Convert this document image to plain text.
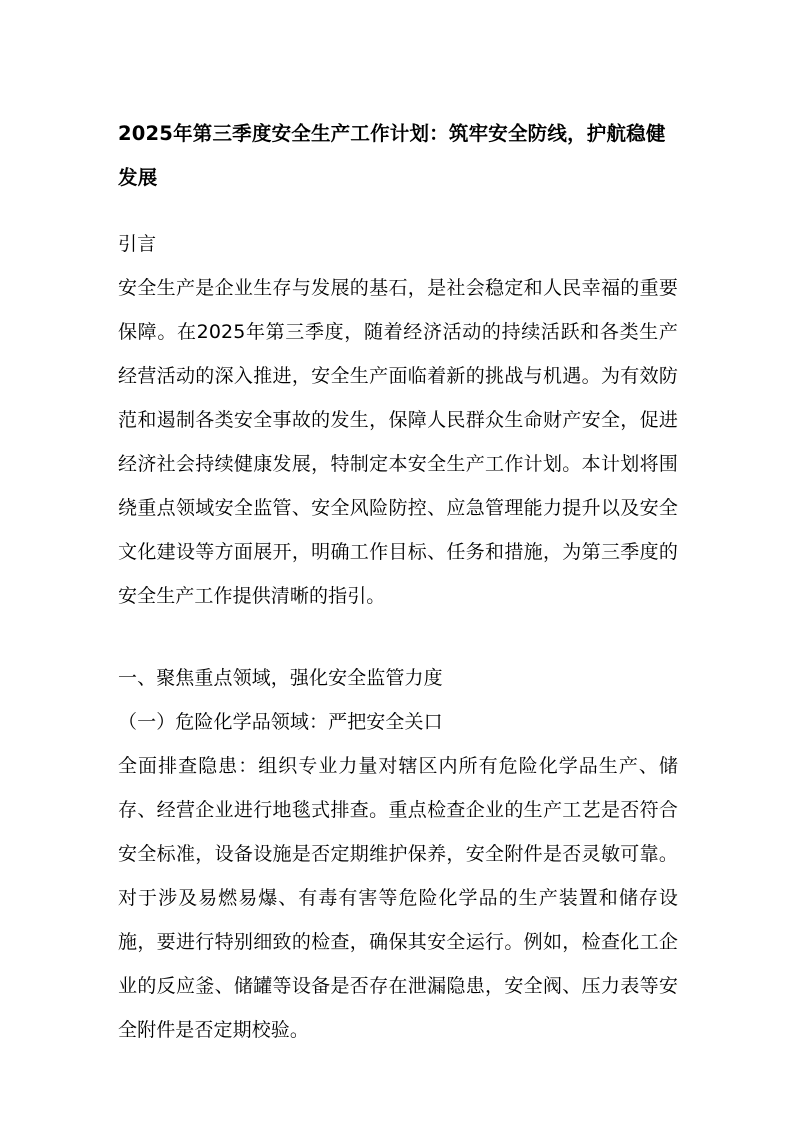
2025年第三季度安全生产工作计划：筑牢安全防线，护航稳健发展

引言

安全生产是企业生存与发展的基石，是社会稳定和人民幸福的重要保障。在2025年第三季度，随着经济活动的持续活跃和各类生产经营活动的深入推进，安全生产面临着新的挑战与机遇。为有效防范和遏制各类安全事故的发生，保障人民群众生命财产安全，促进经济社会持续健康发展，特制定本安全生产工作计划。本计划将围绕重点领域安全监管、安全风险防控、应急管理能力提升以及安全文化建设等方面展开，明确工作目标、任务和措施，为第三季度的安全生产工作提供清晰的指引。

一、聚焦重点领域，强化安全监管力度

（一）危险化学品领域：严把安全关口

全面排查隐患：组织专业力量对辖区内所有危险化学品生产、储存、经营企业进行地毯式排查。重点检查企业的生产工艺是否符合安全标准，设备设施是否定期维护保养，安全附件是否灵敏可靠。对于涉及易燃易爆、有毒有害等危险化学品的生产装置和储存设施，要进行特别细致的检查，确保其安全运行。例如，检查化工企业的反应釜、储罐等设备是否存在泄漏隐患，安全阀、压力表等安全附件是否定期校验。
